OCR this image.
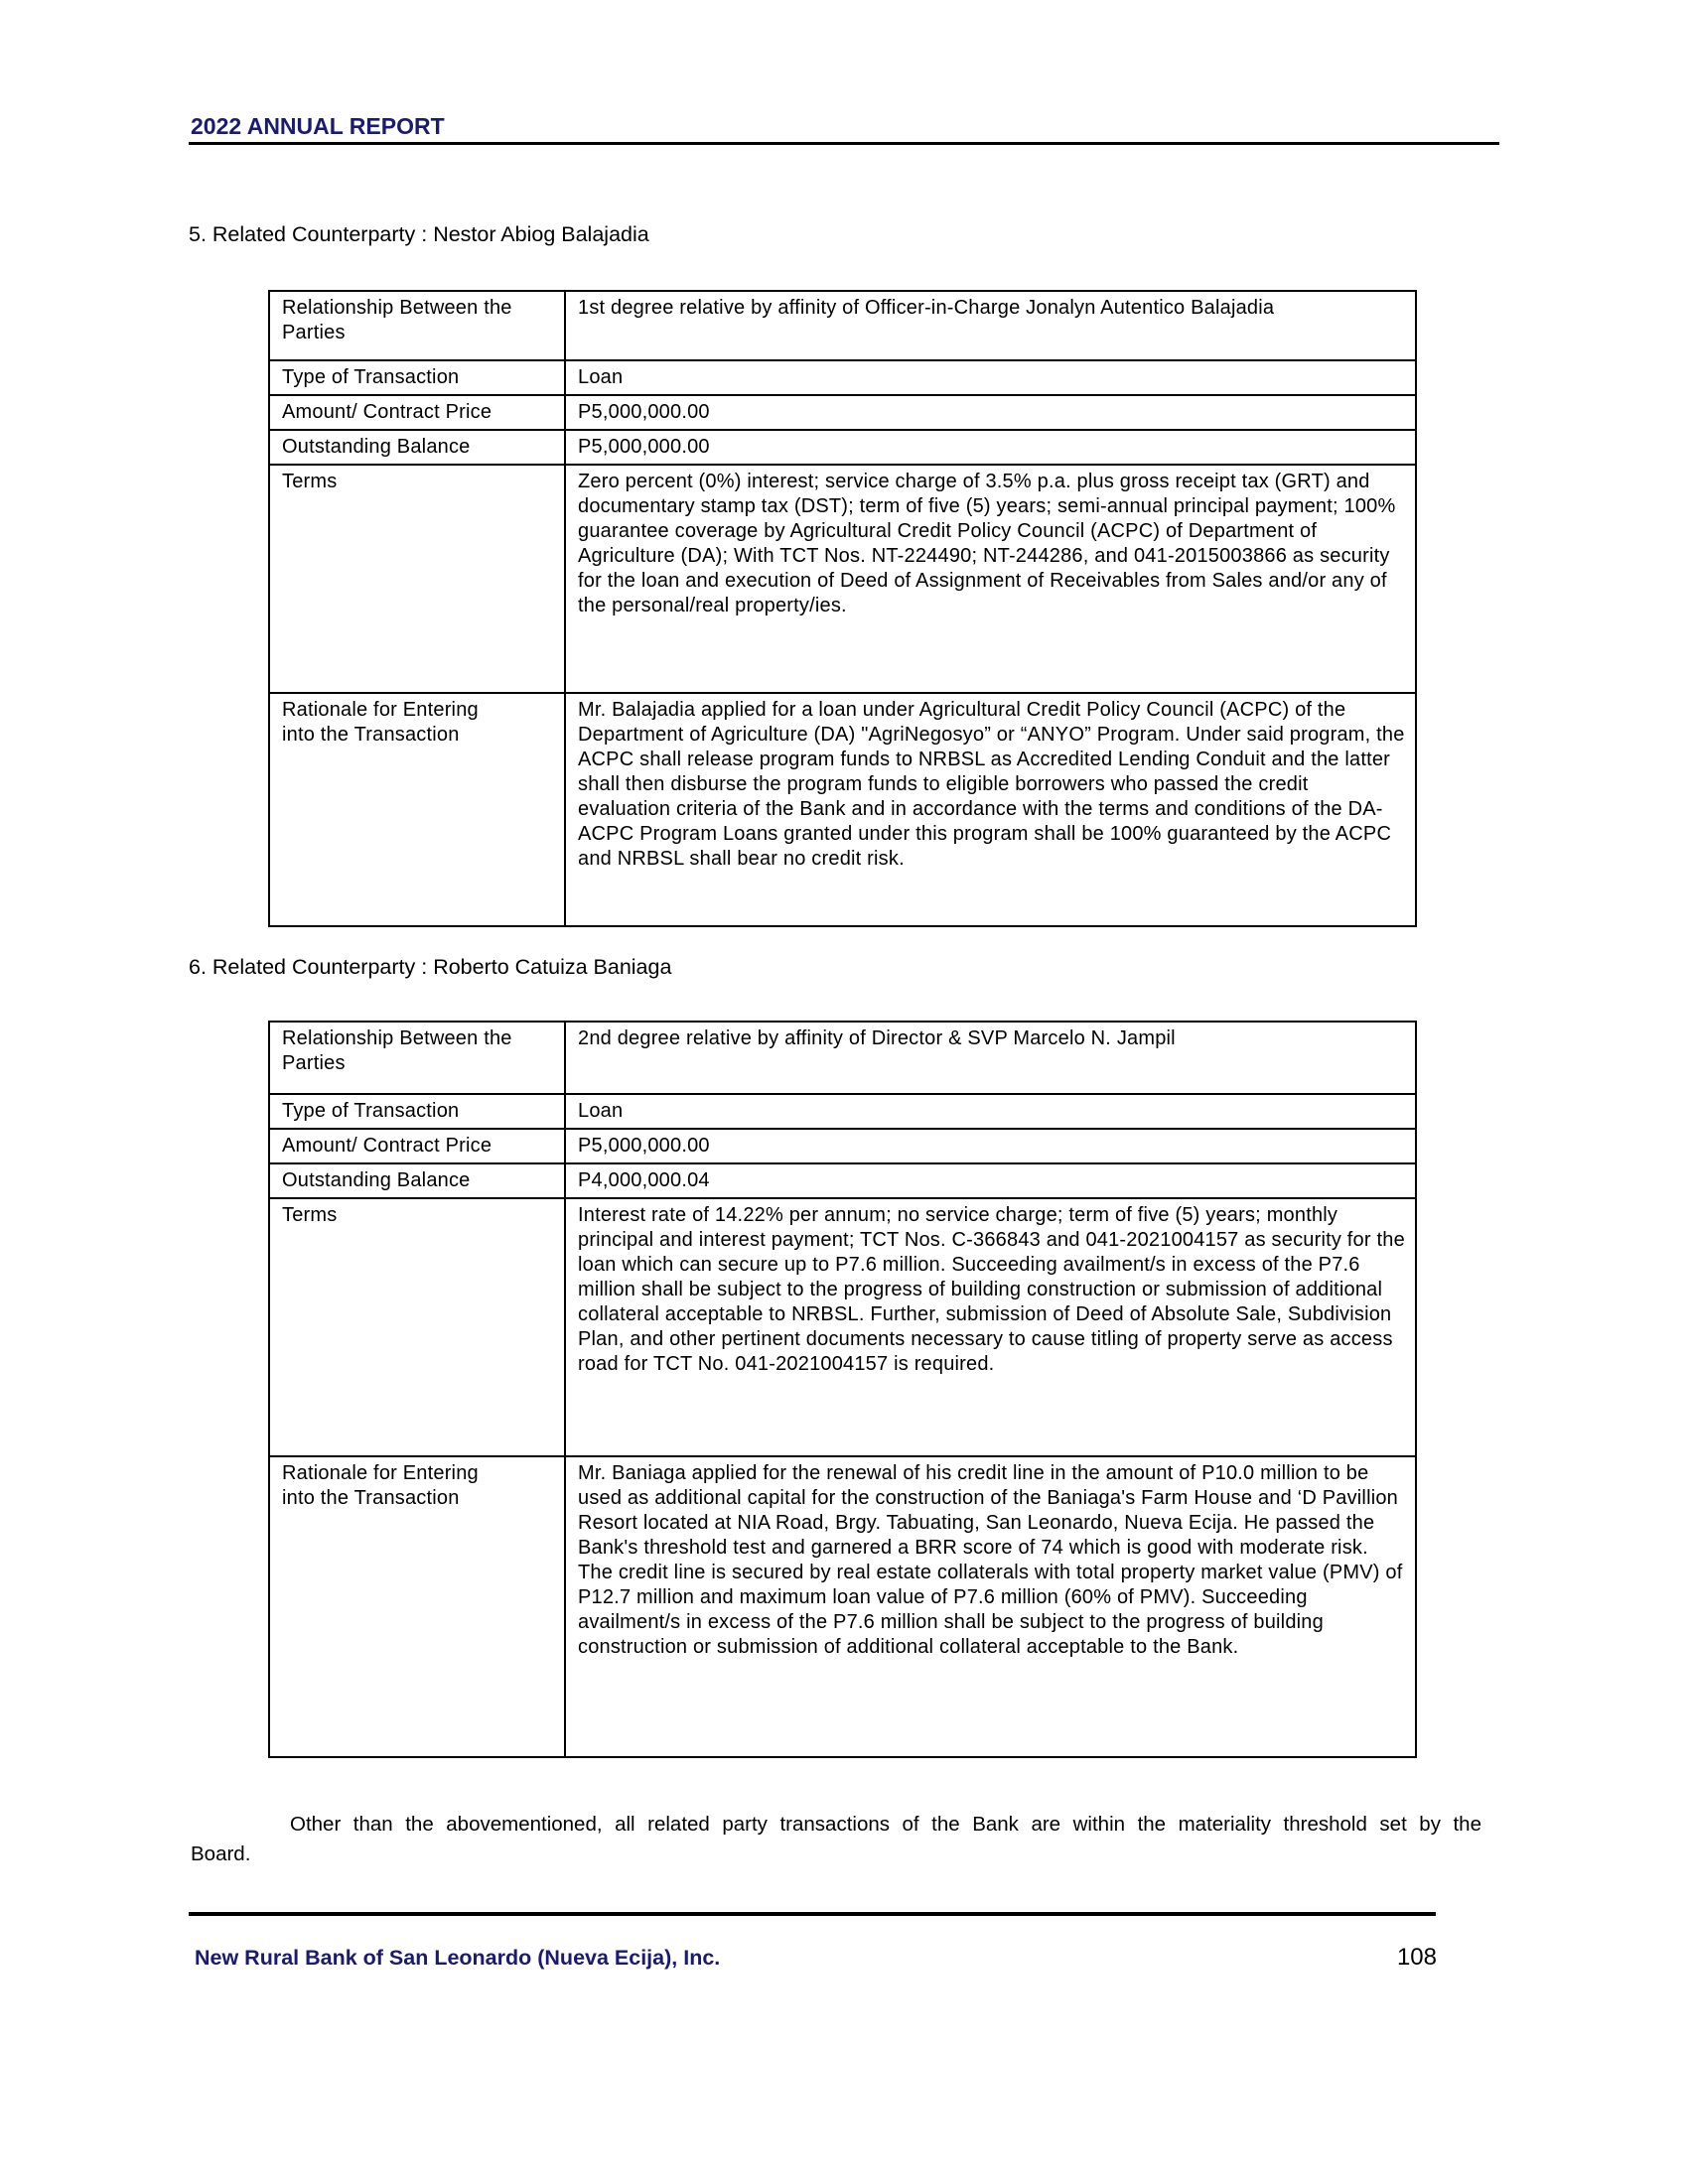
2022 ANNUAL REPORT
5. Related Counterparty : Nestor Abiog Balajadia
Relationship Between the Parties	1st degree relative by affinity of Officer-in-Charge Jonalyn Autentico Balajadia
Type of Transaction	Loan
Amount/ Contract Price	P5,000,000.00
Outstanding Balance	P5,000,000.00
Terms	Zero percent (0%) interest; service charge of 3.5% p.a. plus gross receipt tax (GRT) and documentary stamp tax (DST); term of five (5) years; semi-annual principal payment; 100% guarantee coverage by Agricultural Credit Policy Council (ACPC) of Department of Agriculture (DA); With TCT Nos. NT-224490; NT-244286, and 041-2015003866 as security for the loan and execution of Deed of Assignment of Receivables from Sales and/or any of the personal/real property/ies.
Rationale for Entering into the Transaction	Mr. Balajadia applied for a loan under Agricultural Credit Policy Council (ACPC) of the Department of Agriculture (DA) "AgriNegosyo” or “ANYO” Program. Under said program, the ACPC shall release program funds to NRBSL as Accredited Lending Conduit and the latter shall then disburse the program funds to eligible borrowers who passed the credit evaluation criteria of the Bank and in accordance with the terms and conditions of the DA-ACPC Program Loans granted under this program shall be 100% guaranteed by the ACPC and NRBSL shall bear no credit risk.
6. Related Counterparty : Roberto Catuiza Baniaga
Relationship Between the Parties	2nd degree relative by affinity of Director & SVP Marcelo N. Jampil
Type of Transaction	Loan
Amount/ Contract Price	P5,000,000.00
Outstanding Balance	P4,000,000.04
Terms	Interest rate of 14.22% per annum; no service charge; term of five (5) years; monthly principal and interest payment; TCT Nos. C-366843 and 041-2021004157 as security for the loan which can secure up to P7.6 million. Succeeding availment/s in excess of the P7.6 million shall be subject to the progress of building construction or submission of additional collateral acceptable to NRBSL. Further, submission of Deed of Absolute Sale, Subdivision Plan, and other pertinent documents necessary to cause titling of property serve as access road for TCT No. 041-2021004157 is required.
Rationale for Entering into the Transaction	Mr. Baniaga applied for the renewal of his credit line in the amount of P10.0 million to be used as additional capital for the construction of the Baniaga's Farm House and ‘D Pavillion Resort located at NIA Road, Brgy. Tabuating, San Leonardo, Nueva Ecija. He passed the Bank's threshold test and garnered a BRR score of 74 which is good with moderate risk. The credit line is secured by real estate collaterals with total property market value (PMV) of P12.7 million and maximum loan value of P7.6 million (60% of PMV). Succeeding availment/s in excess of the P7.6 million shall be subject to the progress of building construction or submission of additional collateral acceptable to the Bank.
Other than the abovementioned, all related party transactions of the Bank are within the materiality threshold set by the Board.
New Rural Bank of San Leonardo (Nueva Ecija), Inc.	108
